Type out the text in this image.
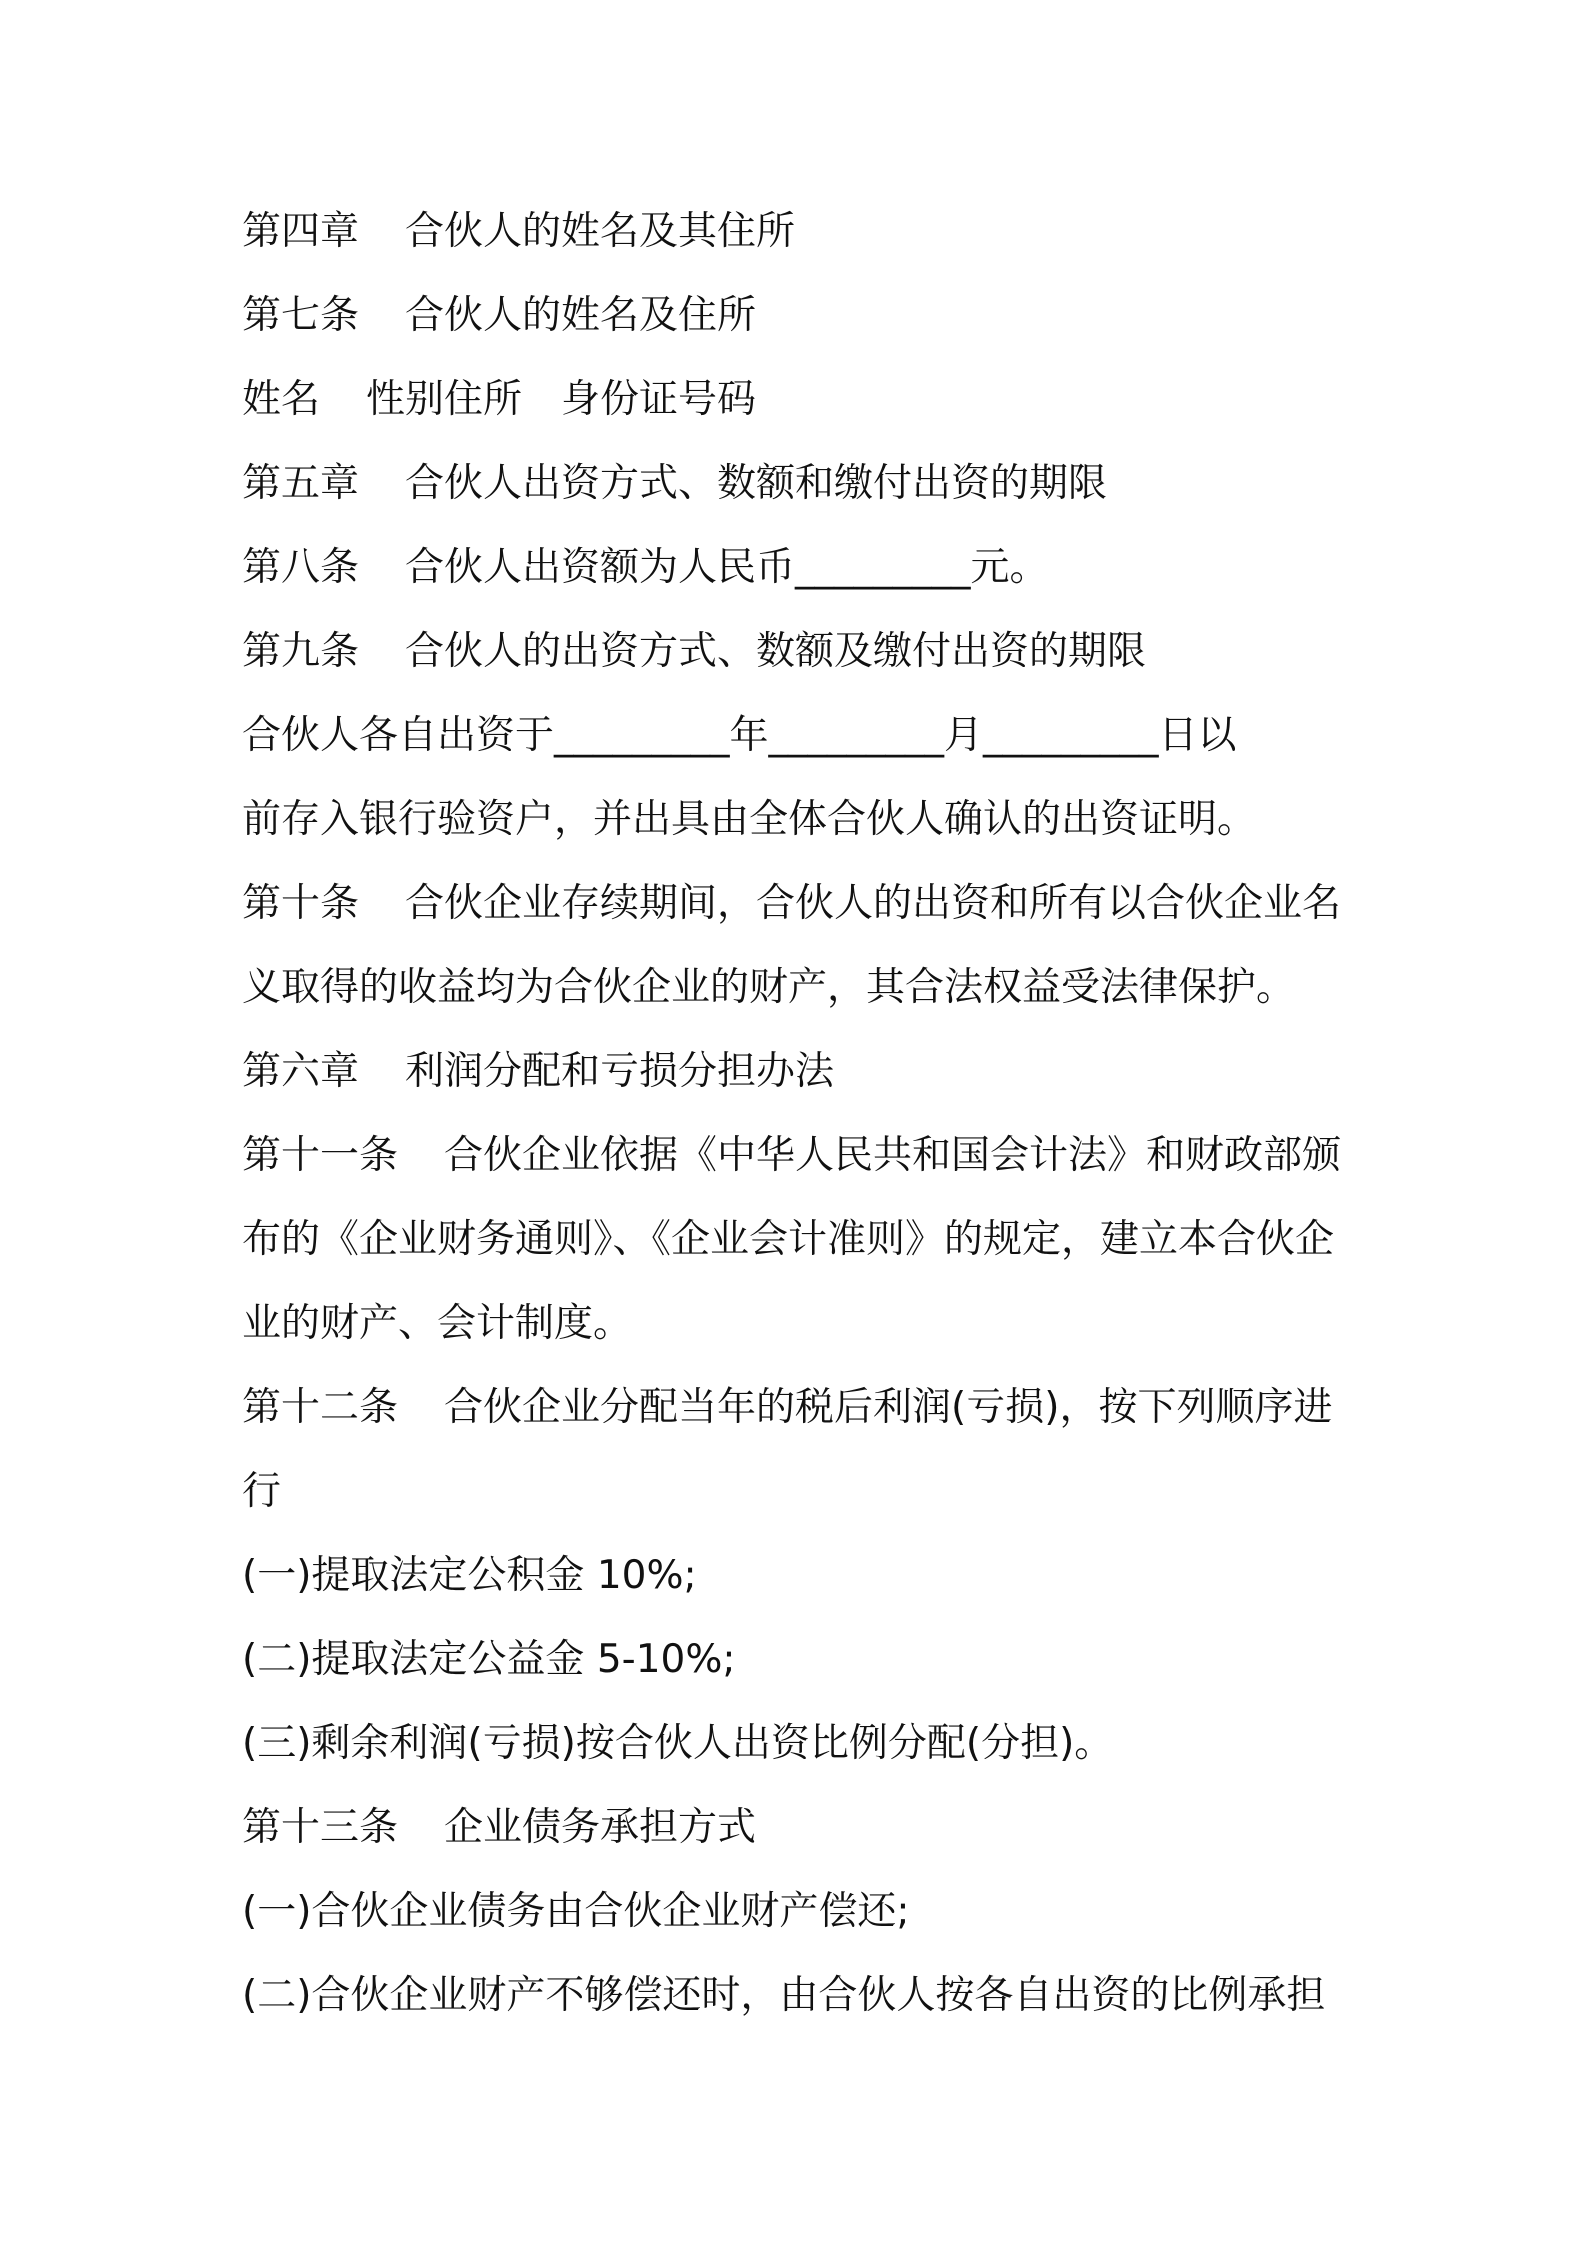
第四章 合伙人的姓名及其住所
第七条 合伙人的姓名及住所
姓名 性别住所　身份证号码
第五章 合伙人出资方式、数额和缴付出资的期限
第八条 合伙人出资额为人民币_________元。
第九条 合伙人的出资方式、数额及缴付出资的期限
合伙人各自出资于_________年_________月_________日以
前存入银行验资户，并出具由全体合伙人确认的出资证明。
第十条 合伙企业存续期间，合伙人的出资和所有以合伙企业名
义取得的收益均为合伙企业的财产，其合法权益受法律保护。
第六章 利润分配和亏损分担办法
第十一条 合伙企业依据《中华人民共和国会计法》和财政部颁
布的《企业财务通则》、《企业会计准则》的规定，建立本合伙企
业的财产、会计制度。
第十二条 合伙企业分配当年的税后利润(亏损)，按下列顺序进
行
(一)提取法定公积金 10%;
(二)提取法定公益金 5-10%;
(三)剩余利润(亏损)按合伙人出资比例分配(分担)。
第十三条 企业债务承担方式
(一)合伙企业债务由合伙企业财产偿还;
(二)合伙企业财产不够偿还时，由合伙人按各自出资的比例承担
